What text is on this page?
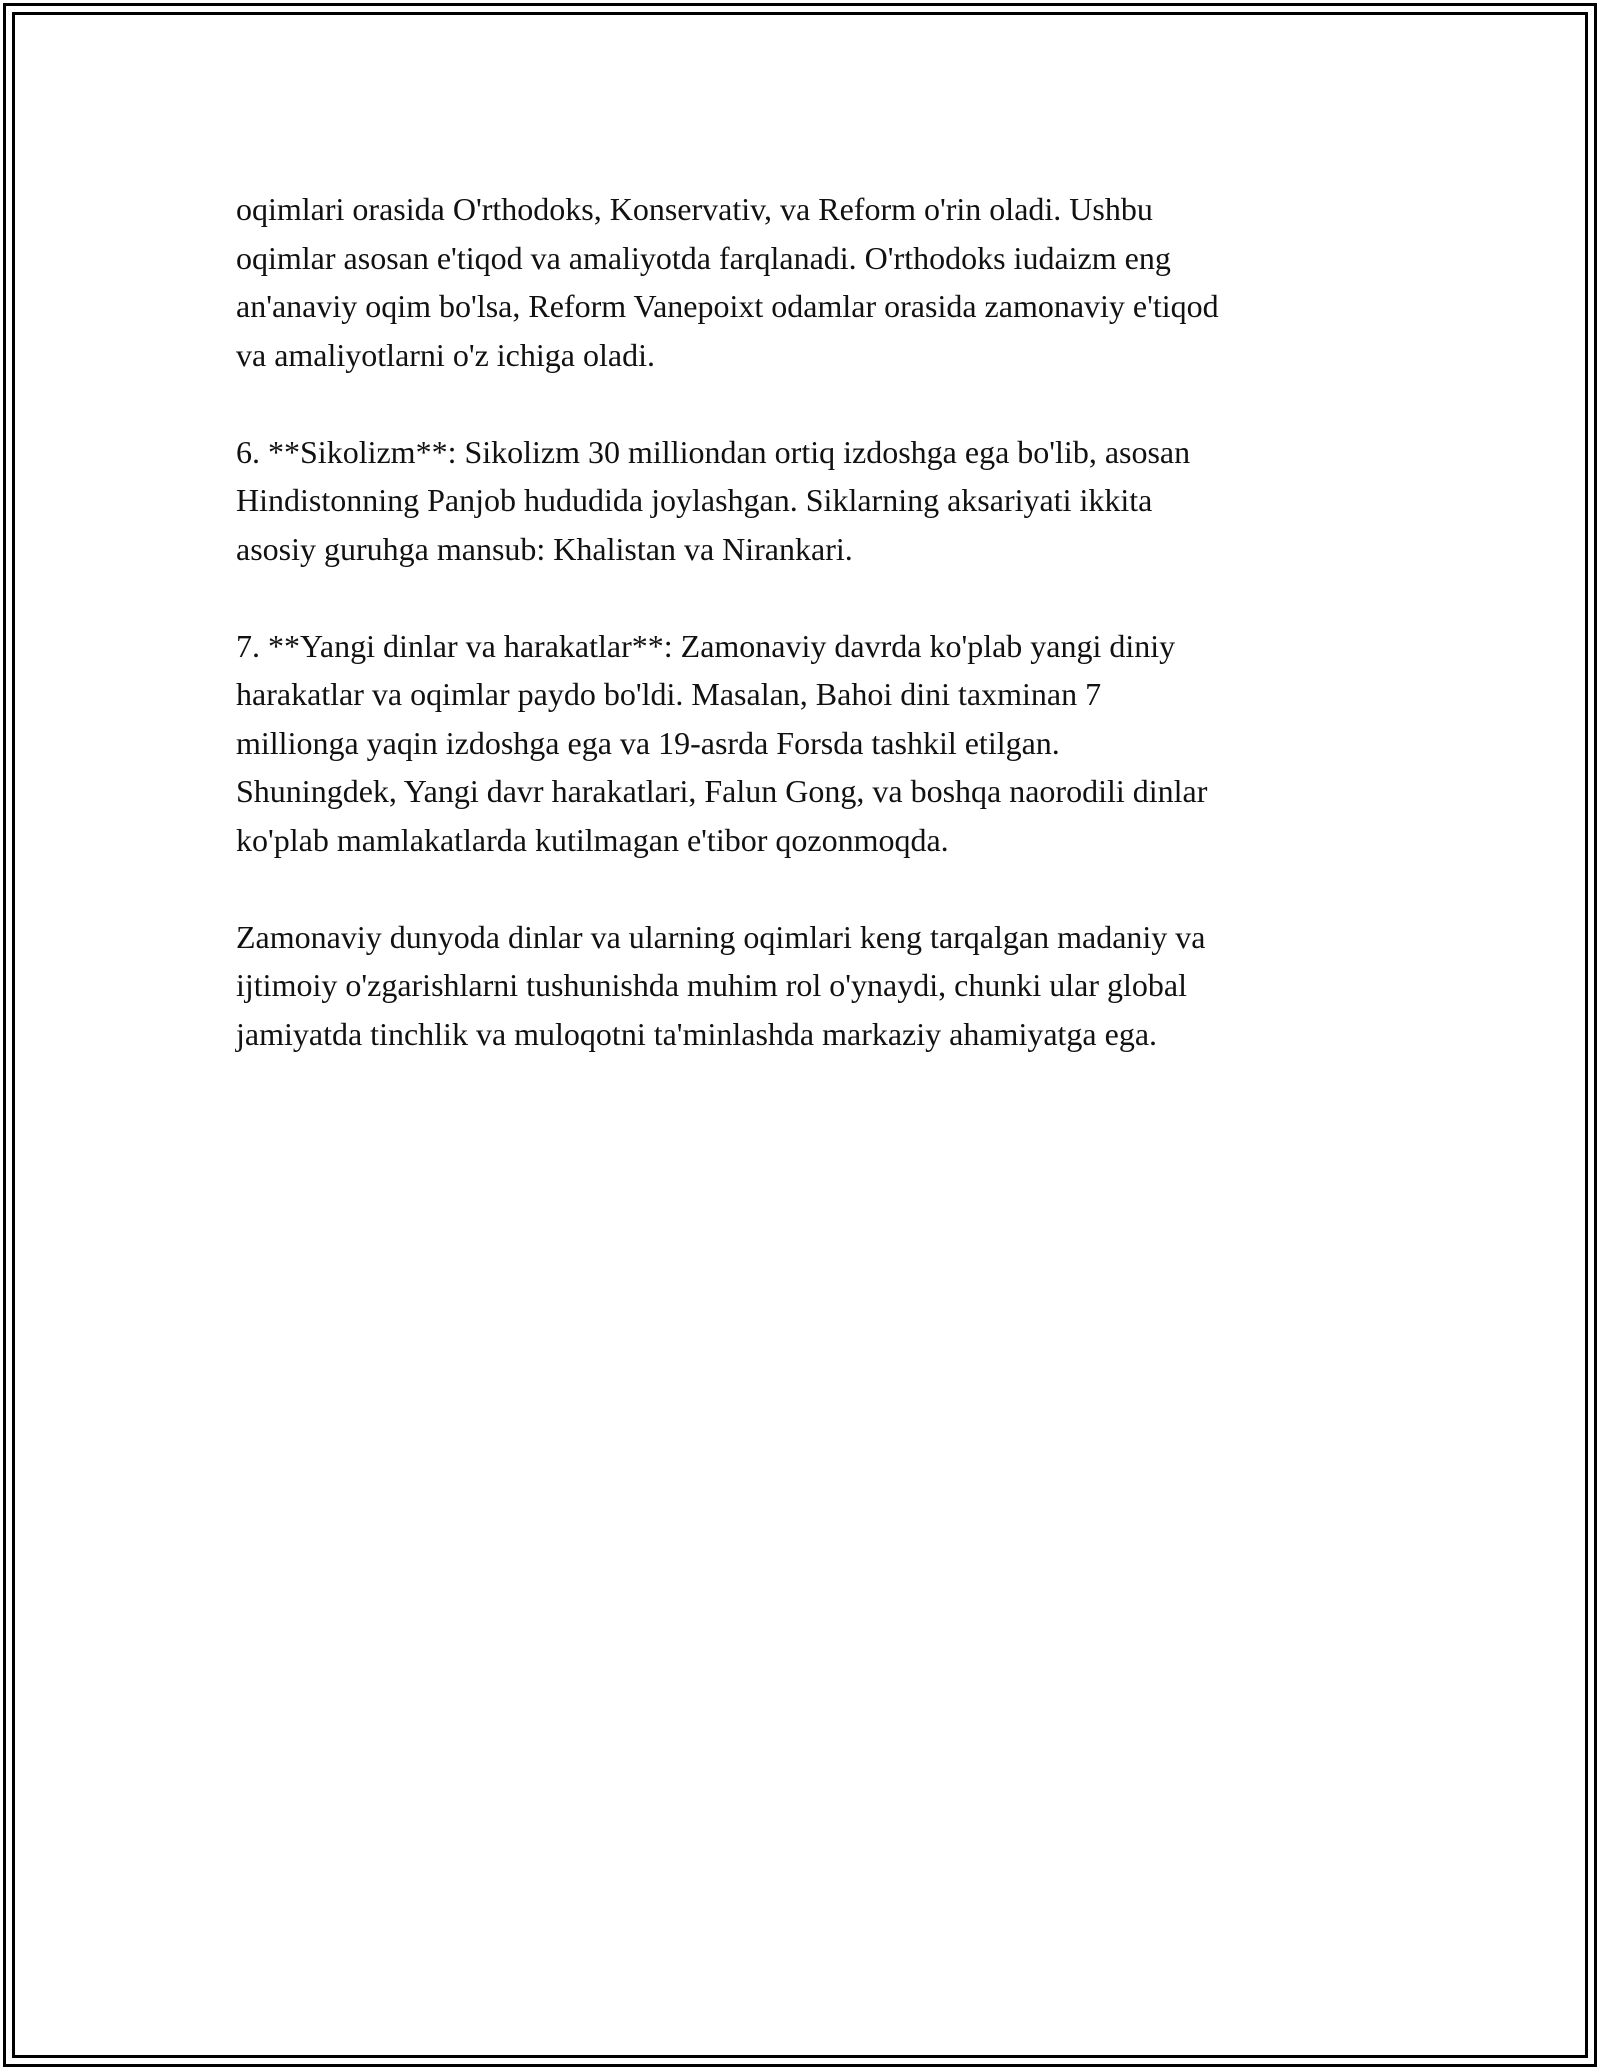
oqimlari orasida O'rthodoks, Konservativ, va Reform o'rin oladi. Ushbu
oqimlar asosan e'tiqod va amaliyotda farqlanadi. O'rthodoks iudaizm eng
an'anaviy oqim bo'lsa, Reform Vanepoixt odamlar orasida zamonaviy e'tiqod
va amaliyotlarni o'z ichiga oladi.

6. **Sikolizm**: Sikolizm 30 milliondan ortiq izdoshga ega bo'lib, asosan
Hindistonning Panjob hududida joylashgan. Siklarning aksariyati ikkita
asosiy guruhga mansub: Khalistan va Nirankari.

7. **Yangi dinlar va harakatlar**: Zamonaviy davrda ko'plab yangi diniy
harakatlar va oqimlar paydo bo'ldi. Masalan, Bahoi dini taxminan 7
millionga yaqin izdoshga ega va 19-asrda Forsda tashkil etilgan.
Shuningdek, Yangi davr harakatlari, Falun Gong, va boshqa naorodili dinlar
ko'plab mamlakatlarda kutilmagan e'tibor qozonmoqda.

Zamonaviy dunyoda dinlar va ularning oqimlari keng tarqalgan madaniy va
ijtimoiy o'zgarishlarni tushunishda muhim rol o'ynaydi, chunki ular global
jamiyatda tinchlik va muloqotni ta'minlashda markaziy ahamiyatga ega.
